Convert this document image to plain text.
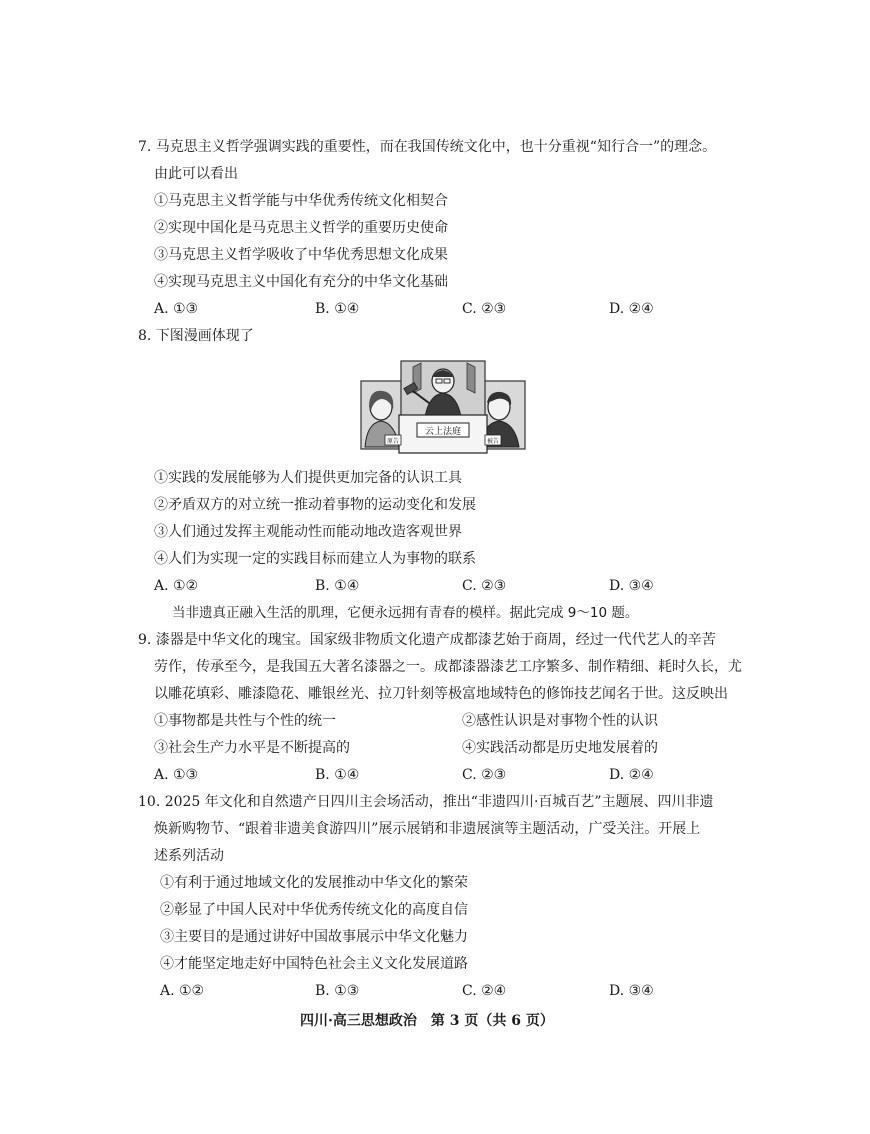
7. 马克思主义哲学强调实践的重要性，而在我国传统文化中，也十分重视“知行合一”的理念。
由此可以看出
①马克思主义哲学能与中华优秀传统文化相契合
②实现中国化是马克思主义哲学的重要历史使命
③马克思主义哲学吸收了中华优秀思想文化成果
④实现马克思主义中国化有充分的中华文化基础
A. ①③	B. ①④	C. ②③	D. ②④
8. 下图漫画体现了
云上法庭
原告	被告
①实践的发展能够为人们提供更加完备的认识工具
②矛盾双方的对立统一推动着事物的运动变化和发展
③人们通过发挥主观能动性而能动地改造客观世界
④人们为实现一定的实践目标而建立人为事物的联系
A. ①②	B. ①④	C. ②③	D. ③④
当非遗真正融入生活的肌理，它便永远拥有青春的模样。据此完成 9～10 题。
9. 漆器是中华文化的瑰宝。国家级非物质文化遗产成都漆艺始于商周，经过一代代艺人的辛苦
劳作，传承至今，是我国五大著名漆器之一。成都漆器漆艺工序繁多、制作精细、耗时久长，尤
以雕花填彩、雕漆隐花、雕银丝光、拉刀针刻等极富地域特色的修饰技艺闻名于世。这反映出
①事物都是共性与个性的统一	②感性认识是对事物个性的认识
③社会生产力水平是不断提高的	④实践活动都是历史地发展着的
A. ①③	B. ①④	C. ②③	D. ②④
10. 2025 年文化和自然遗产日四川主会场活动，推出“非遗四川·百城百艺”主题展、四川非遗
焕新购物节、“跟着非遗美食游四川”展示展销和非遗展演等主题活动，广受关注。开展上
述系列活动
①有利于通过地域文化的发展推动中华文化的繁荣
②彰显了中国人民对中华优秀传统文化的高度自信
③主要目的是通过讲好中国故事展示中华文化魅力
④才能坚定地走好中国特色社会主义文化发展道路
A. ①②	B. ①③	C. ②④	D. ③④
四川·高三思想政治　第 3 页（共 6 页）
